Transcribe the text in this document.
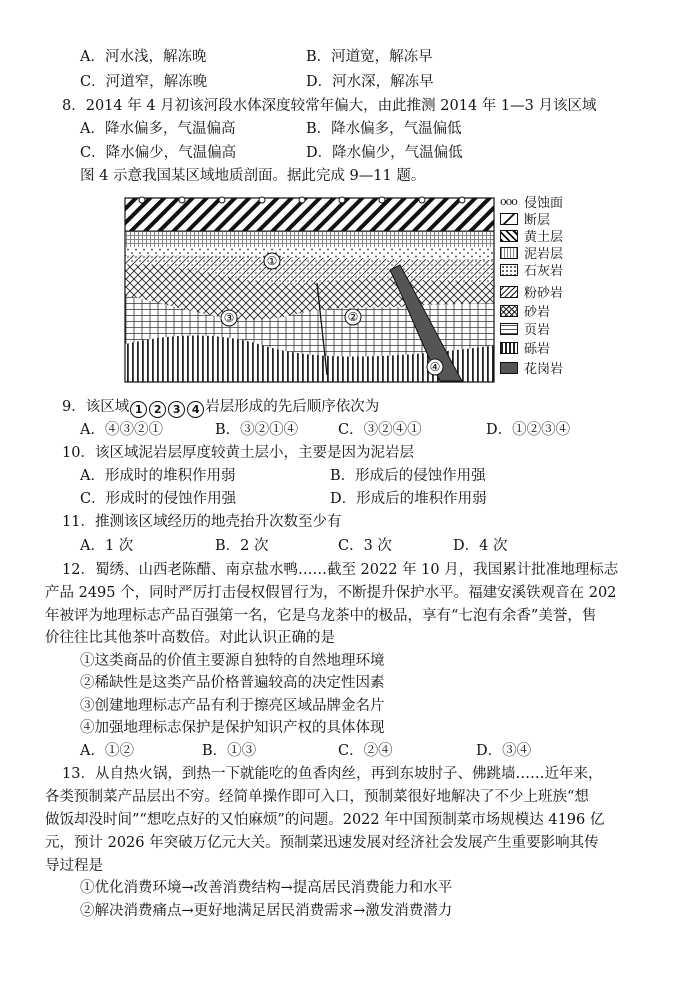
A．河水浅，解冻晚	B．河道宽，解冻早
C．河道窄，解冻晚	D．河水深，解冻早
8．2014 年 4 月初该河段水体深度较常年偏大，由此推测 2014 年 1—3 月该区域
A．降水偏多，气温偏高	B．降水偏多，气温偏低
C．降水偏少，气温偏高	D．降水偏少，气温偏低
图 4 示意我国某区域地质剖面。据此完成 9—11 题。
①
②
③
④
ooo 侵蚀面
断层
黄土层
泥岩层
石灰岩
粉砂岩
砂岩
页岩
砾岩
花岗岩
9．该区域 1 2 3 4 岩层形成的先后顺序依次为
A．④③②①	B．③②①④	C．③②④①	D．①②③④
10．该区域泥岩层厚度较黄土层小，主要是因为泥岩层
A．形成时的堆积作用弱	B．形成后的侵蚀作用强
C．形成时的侵蚀作用强	D．形成后的堆积作用弱
11．推测该区域经历的地壳抬升次数至少有
A．1 次	B．2 次	C．3 次	D．4 次
12．蜀绣、山西老陈醋、南京盐水鸭……截至 2022 年 10 月，我国累计批准地理标志
产品 2495 个，同时严厉打击侵权假冒行为，不断提升保护水平。福建安溪铁观音在 202
年被评为地理标志产品百强第一名，它是乌龙茶中的极品，享有“七泡有余香”美誉，售
价往往比其他茶叶高数倍。对此认识正确的是
①这类商品的价值主要源自独特的自然地理环境
②稀缺性是这类产品价格普遍较高的决定性因素
③创建地理标志产品有利于擦亮区域品牌金名片
④加强地理标志保护是保护知识产权的具体体现
A．①②	B．①③	C．②④	D．③④
13．从自热火锅，到热一下就能吃的鱼香肉丝，再到东坡肘子、佛跳墙……近年来，
各类预制菜产品层出不穷。经简单操作即可入口，预制菜很好地解决了不少上班族“想
做饭却没时间”“想吃点好的又怕麻烦”的问题。2022 年中国预制菜市场规模达 4196 亿
元，预计 2026 年突破万亿元大关。预制菜迅速发展对经济社会发展产生重要影响其传
导过程是
①优化消费环境→改善消费结构→提高居民消费能力和水平
②解决消费痛点→更好地满足居民消费需求→激发消费潜力
